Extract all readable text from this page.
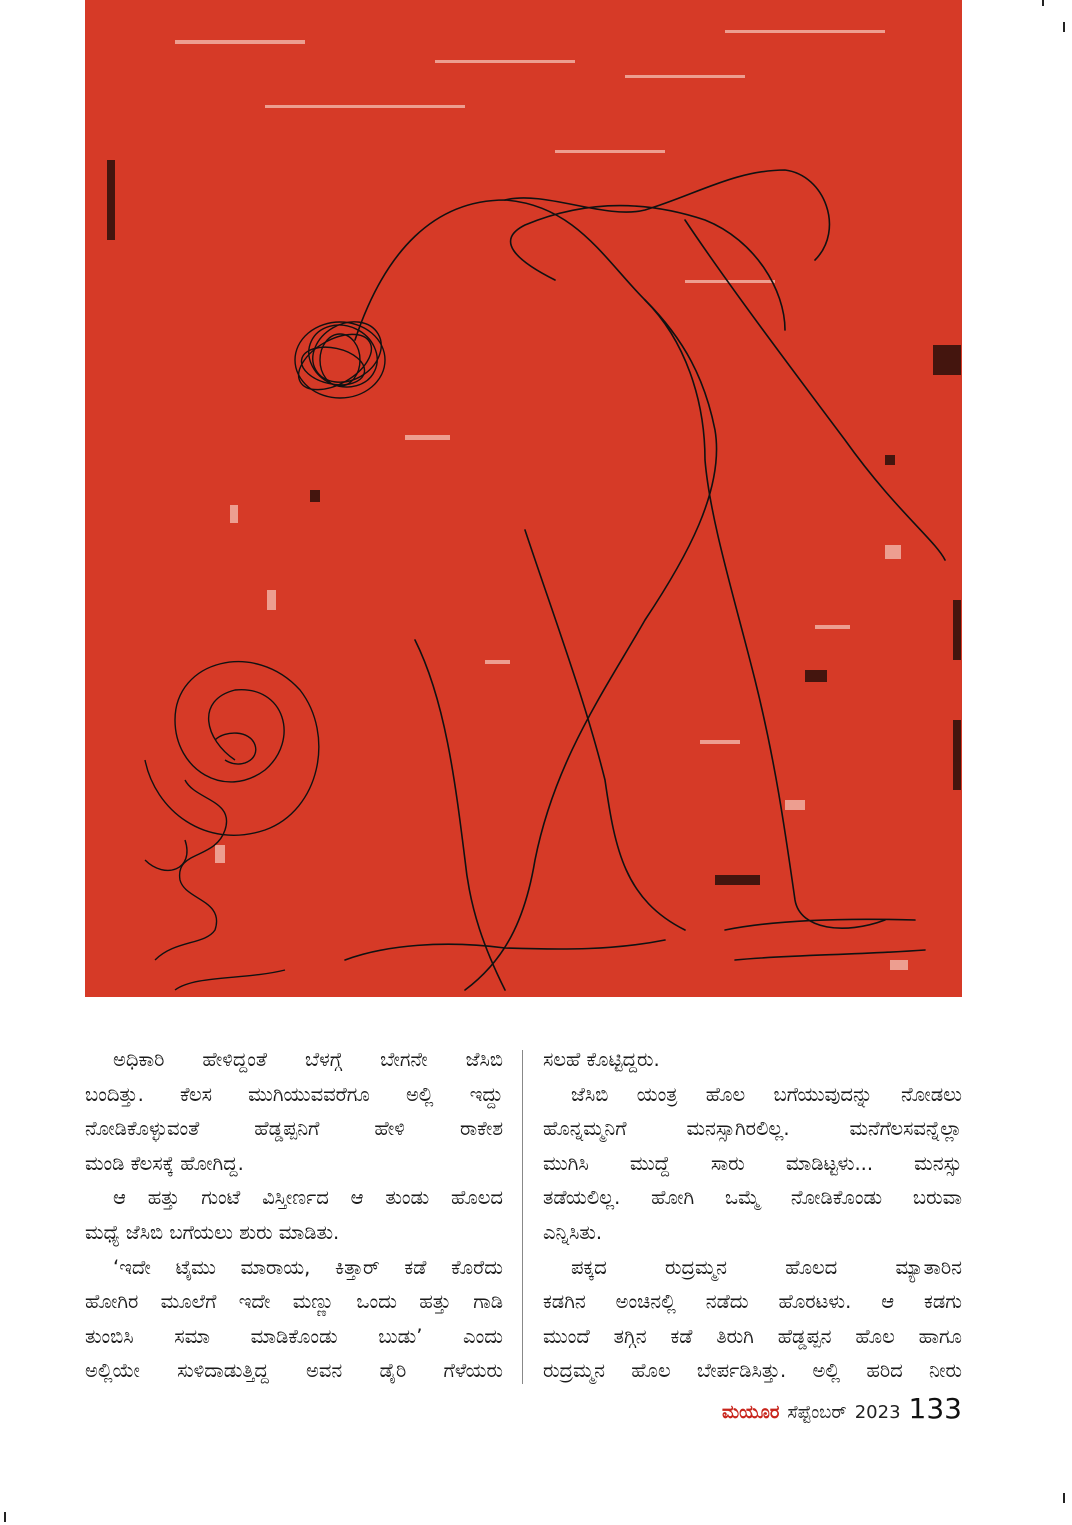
ಅಧಿಕಾರಿ ಹೇಳಿದ್ದಂತೆ ಬೆಳಗ್ಗೆ ಬೇಗನೇ ಜೆಸಿಬಿ

ಬಂದಿತ್ತು. ಕೆಲಸ ಮುಗಿಯುವವರೆಗೂ ಅಲ್ಲಿ ಇದ್ದು

ನೋಡಿಕೊಳ್ಳುವಂತೆ ಹೆಡ್ಡಪ್ಪನಿಗೆ ಹೇಳಿ ರಾಕೇಶ

ಮಂಡಿ ಕೆಲಸಕ್ಕೆ ಹೋಗಿದ್ದ.

ಆ ಹತ್ತು ಗುಂಟೆ ವಿಸ್ತೀರ್ಣದ ಆ ತುಂಡು ಹೊಲದ

ಮಧ್ಯೆ ಜೆಸಿಬಿ ಬಗೆಯಲು ಶುರು ಮಾಡಿತು.

‘ಇದೇ ಟೈಮು ಮಾರಾಯ, ಕಿತ್ತಾರ್ ಕಡೆ ಕೊರೆದು

ಹೋಗಿರ ಮೂಲೆಗೆ ಇದೇ ಮಣ್ಣು ಒಂದು ಹತ್ತು ಗಾಡಿ

ತುಂಬಿಸಿ ಸಮಾ ಮಾಡಿಕೊಂಡು ಬುಡು’ ಎಂದು

ಅಲ್ಲಿಯೇ ಸುಳಿದಾಡುತ್ತಿದ್ದ ಅವನ ಡೈರಿ ಗೆಳೆಯರು

ಸಲಹೆ ಕೊಟ್ಟಿದ್ದರು.

ಜೆಸಿಬಿ ಯಂತ್ರ ಹೊಲ ಬಗೆಯುವುದನ್ನು ನೋಡಲು

ಹೊನ್ನಮ್ಮನಿಗೆ ಮನಸ್ಸಾಗಿರಲಿಲ್ಲ. ಮನೆಗೆಲಸವನ್ನೆಲ್ಲಾ

ಮುಗಿಸಿ ಮುದ್ದೆ ಸಾರು ಮಾಡಿಟ್ಟಳು... ಮನಸ್ಸು

ತಡೆಯಲಿಲ್ಲ. ಹೋಗಿ ಒಮ್ಮೆ ನೋಡಿಕೊಂಡು ಬರುವಾ

ಎನ್ನಿಸಿತು.

ಪಕ್ಕದ ರುದ್ರಮ್ಮನ ಹೊಲದ ಮ್ಯಾತಾರಿನ

ಕಡಗಿನ ಅಂಚಿನಲ್ಲಿ ನಡೆದು ಹೊರಟಳು. ಆ ಕಡಗು

ಮುಂದೆ ತಗ್ಗಿನ ಕಡೆ ತಿರುಗಿ ಹೆಡ್ಡಪ್ಪನ ಹೊಲ ಹಾಗೂ

ರುದ್ರಮ್ಮನ ಹೊಲ ಬೇರ್ಪಡಿಸಿತ್ತು. ಅಲ್ಲಿ ಹರಿದ ನೀರು

ಮಯೂರ ಸೆಪ್ಟೆಂಬರ್ 2023 133
